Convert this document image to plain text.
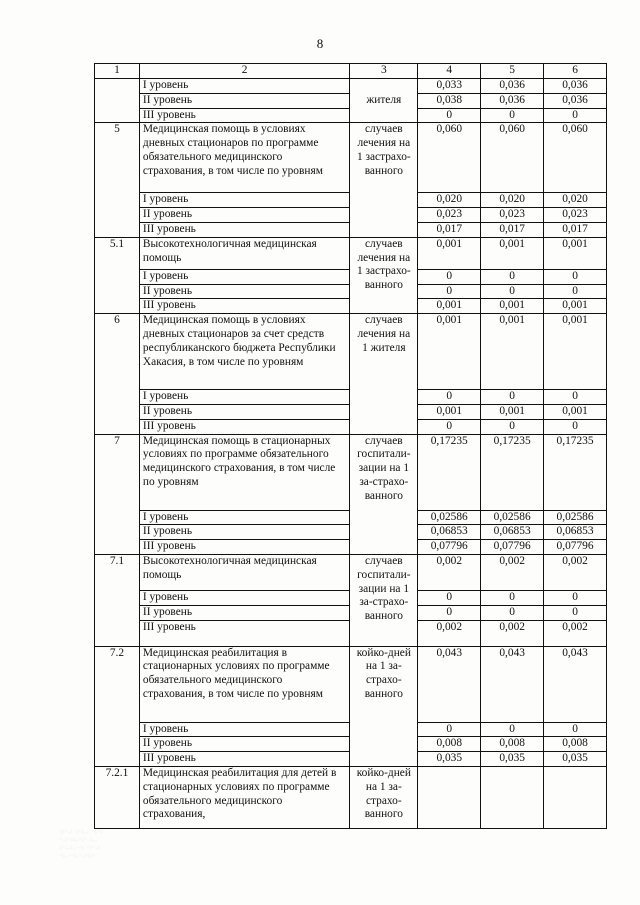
8
1	2	3	4	5	6
	I уровень	жителя	0,033	0,036	0,036
	II уровень		0,038	0,036	0,036
	III уровень		0	0	0
5	Медицинская помощь в условиях дневных стационаров по программе обязательного медицинского страхования, в том числе по уровням	случаев лечения на 1 застрахо-ванного	0,060	0,060	0,060
	I уровень		0,020	0,020	0,020
	II уровень		0,023	0,023	0,023
	III уровень		0,017	0,017	0,017
5.1	Высокотехнологичная медицинская помощь	случаев лечения на 1 застрахо-ванного	0,001	0,001	0,001
	I уровень		0	0	0
	II уровень		0	0	0
	III уровень		0,001	0,001	0,001
6	Медицинская помощь в условиях дневных стационаров за счет средств республиканского бюджета Республики Хакасия, в том числе по уровням	случаев лечения на 1 жителя	0,001	0,001	0,001
	I уровень		0	0	0
	II уровень		0,001	0,001	0,001
	III уровень		0	0	0
7	Медицинская помощь в стационарных условиях по программе обязательного медицинского страхования, в том числе по уровням	случаев госпитали-зации на 1 за-страхо-ванного	0,17235	0,17235	0,17235
	I уровень		0,02586	0,02586	0,02586
	II уровень		0,06853	0,06853	0,06853
	III уровень		0,07796	0,07796	0,07796
7.1	Высокотехнологичная медицинская помощь	случаев госпитали-зации на 1 за-страхо-ванного	0,002	0,002	0,002
	I уровень		0	0	0
	II уровень		0	0	0
	III уровень		0,002	0,002	0,002
7.2	Медицинская реабилитация в стационарных условиях по программе обязательного медицинского страхования, в том числе по уровням	койко-дней на 1 за-страхо-ванного	0,043	0,043	0,043
	I уровень		0	0	0
	II уровень		0,008	0,008	0,008
	III уровень		0,035	0,035	0,035
7.2.1	Медицинская реабилитация для детей в стационарных условиях по программе обязательного медицинского страхования,	койко-дней на 1 за-страхо-ванного			
::·.: :·:.. ·:·:
·.:·::.·:· :..
:·..:.··: ·:·.:
·:.··:.·.·::·
